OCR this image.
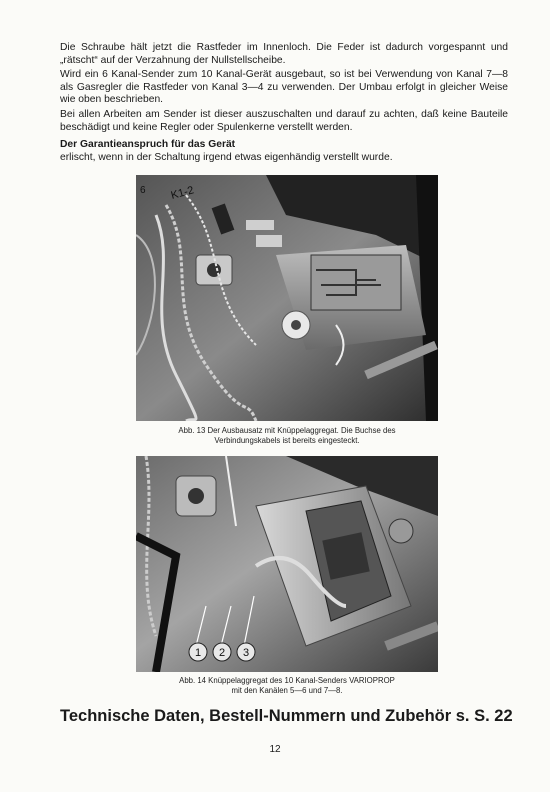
Die Schraube hält jetzt die Rastfeder im Innenloch. Die Feder ist dadurch vorgespannt und „rätscht“ auf der Verzahnung der Nullstellscheibe.

Wird ein 6 Kanal-Sender zum 10 Kanal-Gerät ausgebaut, so ist bei Verwendung von Kanal 7—8 als Gasregler die Rastfeder von Kanal 3—4 zu verwenden. Der Umbau erfolgt in gleicher Weise wie oben beschrieben.

Bei allen Arbeiten am Sender ist dieser auszuschalten und darauf zu achten, daß keine Bauteile beschädigt und keine Regler oder Spulenkerne verstellt werden.

Der Garantieanspruch für das Gerät
erlischt, wenn in der Schaltung irgend etwas eigenhändig verstellt wurde.
K1-2
6
Abb. 13 Der Ausbausatz mit Knüppelaggregat. Die Buchse des
Verbindungskabels ist bereits eingesteckt.
1 2 3
Abb. 14 Knüppelaggregat des 10 Kanal-Senders VARIOPROP
mit den Kanälen 5—6 und 7—8.
Technische Daten, Bestell-Nummern und Zubehör s. S. 22
12
